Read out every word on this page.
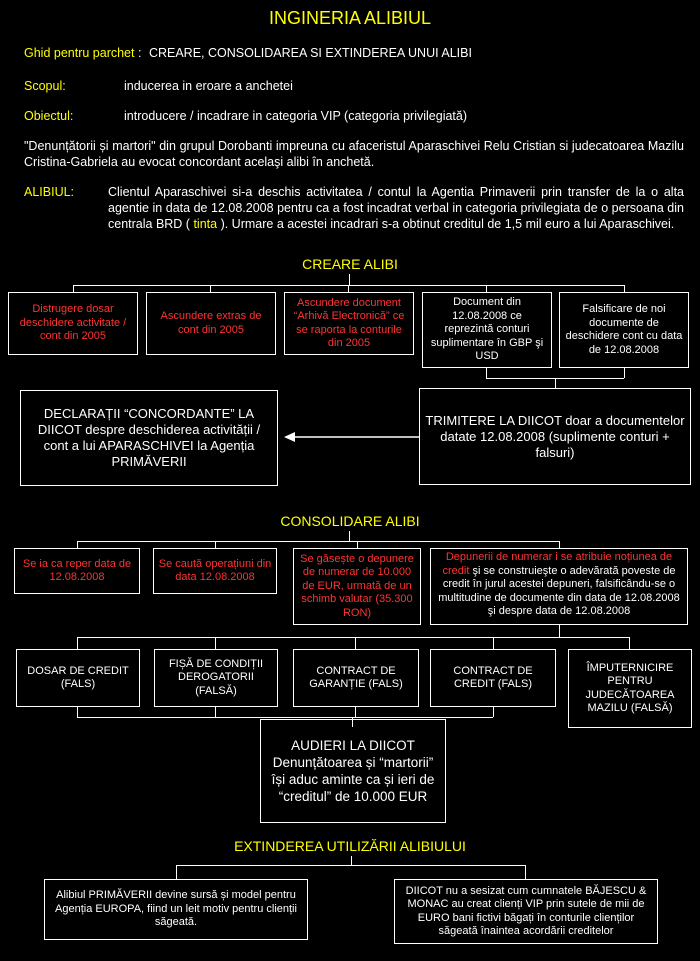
INGINERIA ALIBIUL
Ghid pentru parchet : CREARE, CONSOLIDAREA SI EXTINDEREA UNUI ALIBI
Scopul:	inducerea in eroare a anchetei
Obiectul:	introducere / incadrare in categoria VIP (categoria privilegiată)
"Denunțătorii și martori" din grupul Dorobanti impreuna cu afaceristul Aparaschivei Relu Cristian si judecatoarea Mazilu Cristina-Gabriela au evocat concordant acelaşi alibi în anchetă.
ALIBIUL:	Clientul Aparaschivei si-a deschis activitatea / contul la Agentia Primaverii prin transfer de la o alta agentie in data de 12.08.2008 pentru ca a fost incadrat verbal in categoria privilegiata de o persoana din centrala BRD ( tinta ). Urmare a acestei incadrari s-a obtinut creditul de 1,5 mil euro a lui Aparaschivei.
CREARE ALIBI
Distrugere dosar deschidere activitate / cont din 2005
Ascundere extras de cont din 2005
Ascundere document “Arhivă Electronică” ce se raporta la conturile din 2005
Document din 12.08.2008 ce reprezintă conturi suplimentare în GBP şi USD
Falsificare de noi documente de deschidere cont cu data de 12.08.2008
DECLARAȚII “CONCORDANTE” LA DIICOT despre deschiderea activității / cont a lui APARASCHIVEI la Agenția PRIMĂVERII
TRIMITERE LA DIICOT doar a documentelor datate 12.08.2008 (suplimente conturi + falsuri)
CONSOLIDARE ALIBI
Se ia ca reper data de 12.08.2008
Se caută operațiuni din data 12.08.2008
Se găsește o depunere de numerar de 10.000 de EUR, urmată de un schimb valutar (35.300 RON)
Depunerii de numerar i se atribuie noțiunea de credit şi se construieşte o adevărată poveste de credit în jurul acestei depuneri, falsificându-se o multitudine de documente din data de 12.08.2008 şi despre data de 12.08.2008
DOSAR DE CREDIT (FALS)
FIȘĂ DE CONDIȚII DEROGATORII (FALSĂ)
CONTRACT DE GARANȚIE (FALS)
CONTRACT DE CREDIT (FALS)
ÎMPUTERNICIRE PENTRU JUDECĂTOAREA MAZILU (FALSĂ)
AUDIERI LA DIICOT
Denunțătoarea și “martorii” își aduc aminte ca și ieri de “creditul” de 10.000 EUR
EXTINDEREA UTILIZĂRII ALIBIULUI
Alibiul PRIMĂVERII devine sursă și model pentru Agenția EUROPA, fiind un leit motiv pentru clienții săgeată.
DIICOT nu a sesizat cum cumnatele BĂJESCU & MONAC au creat clienți VIP prin sutele de mii de EURO bani fictivi băgați în conturile clienților săgeată înaintea acordării creditelor
